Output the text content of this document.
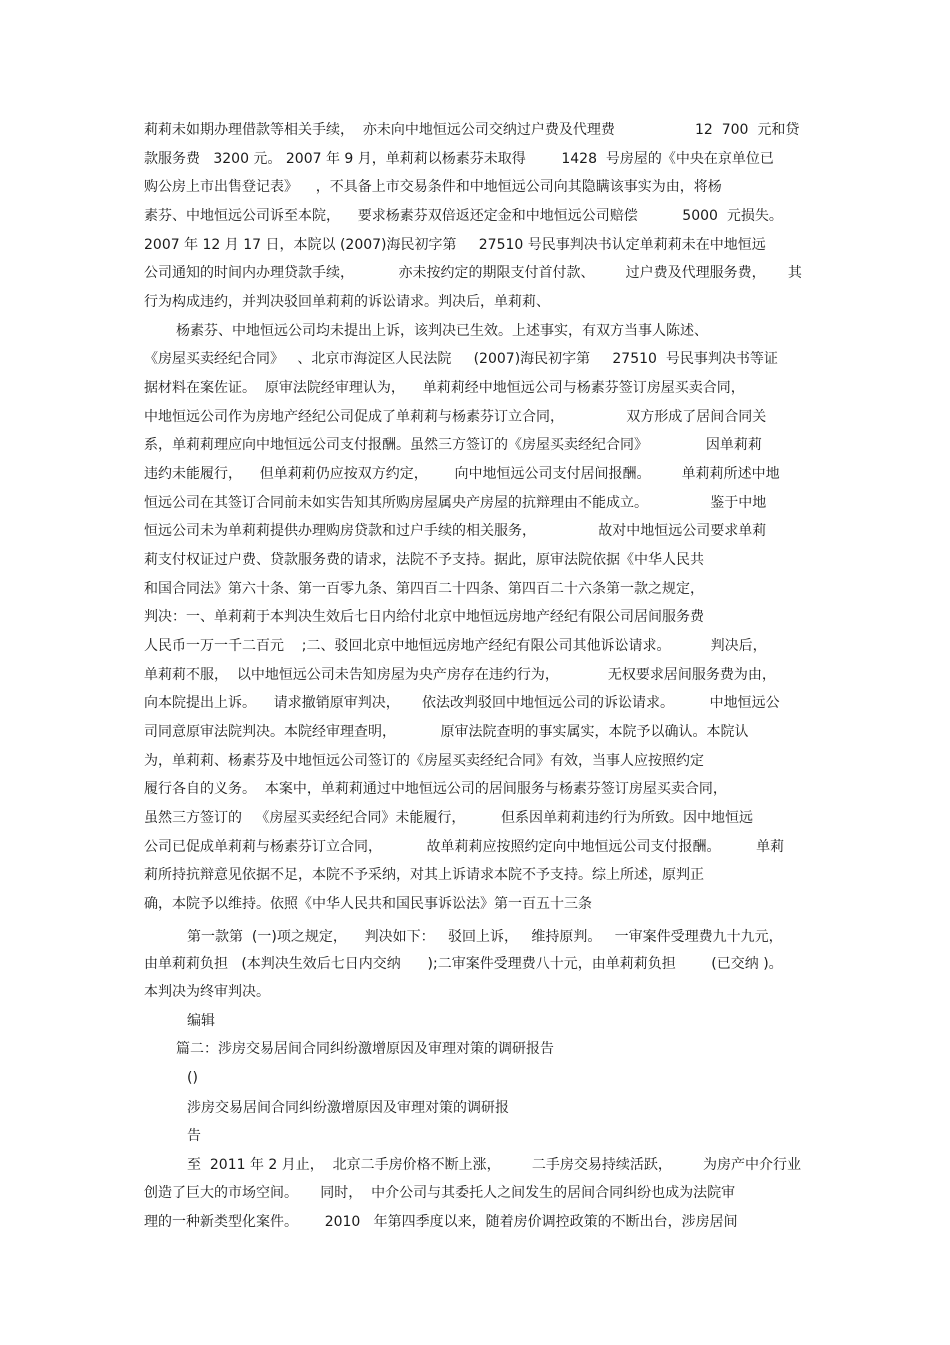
莉莉未如期办理借款等相关手续，  亦未向中地恒远公司交纳过户费及代理费                  12  700  元和贷

款服务费   3200 元。 2007 年 9 月，单莉莉以杨素芬未取得        1428  号房屋的《中央在京单位已

购公房上市出售登记表》    ，不具备上市交易条件和中地恒远公司向其隐瞒该事实为由，将杨

素芬、中地恒远公司诉至本院，    要求杨素芬双倍返还定金和中地恒远公司赔偿          5000  元损失。

2007 年 12 月 17 日，本院以 (2007)海民初字第     27510 号民事判决书认定单莉莉未在中地恒远

公司通知的时间内办理贷款手续，          亦未按约定的期限支付首付款、       过户费及代理服务费，     其

行为构成违约，并判决驳回单莉莉的诉讼请求。判决后，单莉莉、

杨素芬、中地恒远公司均未提出上诉，该判决已生效。上述事实，有双方当事人陈述、

《房屋买卖经纪合同》   、北京市海淀区人民法院     (2007)海民初字第     27510  号民事判决书等证

据材料在案佐证。  原审法院经审理认为，    单莉莉经中地恒远公司与杨素芬签订房屋买卖合同，

中地恒远公司作为房地产经纪公司促成了单莉莉与杨素芬订立合同，              双方形成了居间合同关

系，单莉莉理应向中地恒远公司支付报酬。虽然三方签订的《房屋买卖经纪合同》             因单莉莉

违约未能履行，    但单莉莉仍应按双方约定，      向中地恒远公司支付居间报酬。       单莉莉所述中地

恒远公司在其签订合同前未如实告知其所购房屋属央产房屋的抗辩理由不能成立。              鉴于中地

恒远公司未为单莉莉提供办理购房贷款和过户手续的相关服务，              故对中地恒远公司要求单莉

莉支付权证过户费、贷款服务费的请求，法院不予支持。据此，原审法院依据《中华人民共

和国合同法》第六十条、第一百零九条、第四百二十四条、第四百二十六条第一款之规定，

判决：一、单莉莉于本判决生效后七日内给付北京中地恒远房地产经纪有限公司居间服务费

人民币一万一千二百元    ;二、驳回北京中地恒远房地产经纪有限公司其他诉讼请求。         判决后，

单莉莉不服，  以中地恒远公司未告知房屋为央产房存在违约行为，           无权要求居间服务费为由，

向本院提出上诉。    请求撤销原审判决，     依法改判驳回中地恒远公司的诉讼请求。        中地恒远公

司同意原审法院判决。本院经审理查明，          原审法院查明的事实属实，本院予以确认。本院认

为，单莉莉、杨素芬及中地恒远公司签订的《房屋买卖经纪合同》有效，当事人应按照约定

履行各自的义务。  本案中，单莉莉通过中地恒远公司的居间服务与杨素芬签订房屋买卖合同，

虽然三方签订的   《房屋买卖经纪合同》未能履行，        但系因单莉莉违约行为所致。因中地恒远

公司已促成单莉莉与杨素芬订立合同，          故单莉莉应按照约定向中地恒远公司支付报酬。        单莉

莉所持抗辩意见依据不足，本院不予采纳，对其上诉请求本院不予支持。综上所述，原判正

确，本院予以维持。依照《中华人民共和国民事诉讼法》第一百五十三条

第一款第  (一)项之规定，    判决如下：   驳回上诉，   维持原判。   一审案件受理费九十九元，

由单莉莉负担   (本判决生效后七日内交纳      );二审案件受理费八十元，由单莉莉负担        (已交纳 )。

本判决为终审判决。

编辑

篇二：涉房交易居间合同纠纷激增原因及审理对策的调研报告

()

涉房交易居间合同纠纷激增原因及审理对策的调研报

告

至  2011 年 2 月止，  北京二手房价格不断上涨，       二手房交易持续活跃，       为房产中介行业

创造了巨大的市场空间。     同时，  中介公司与其委托人之间发生的居间合同纠纷也成为法院审

理的一种新类型化案件。      2010   年第四季度以来，随着房价调控政策的不断出台，涉房居间
